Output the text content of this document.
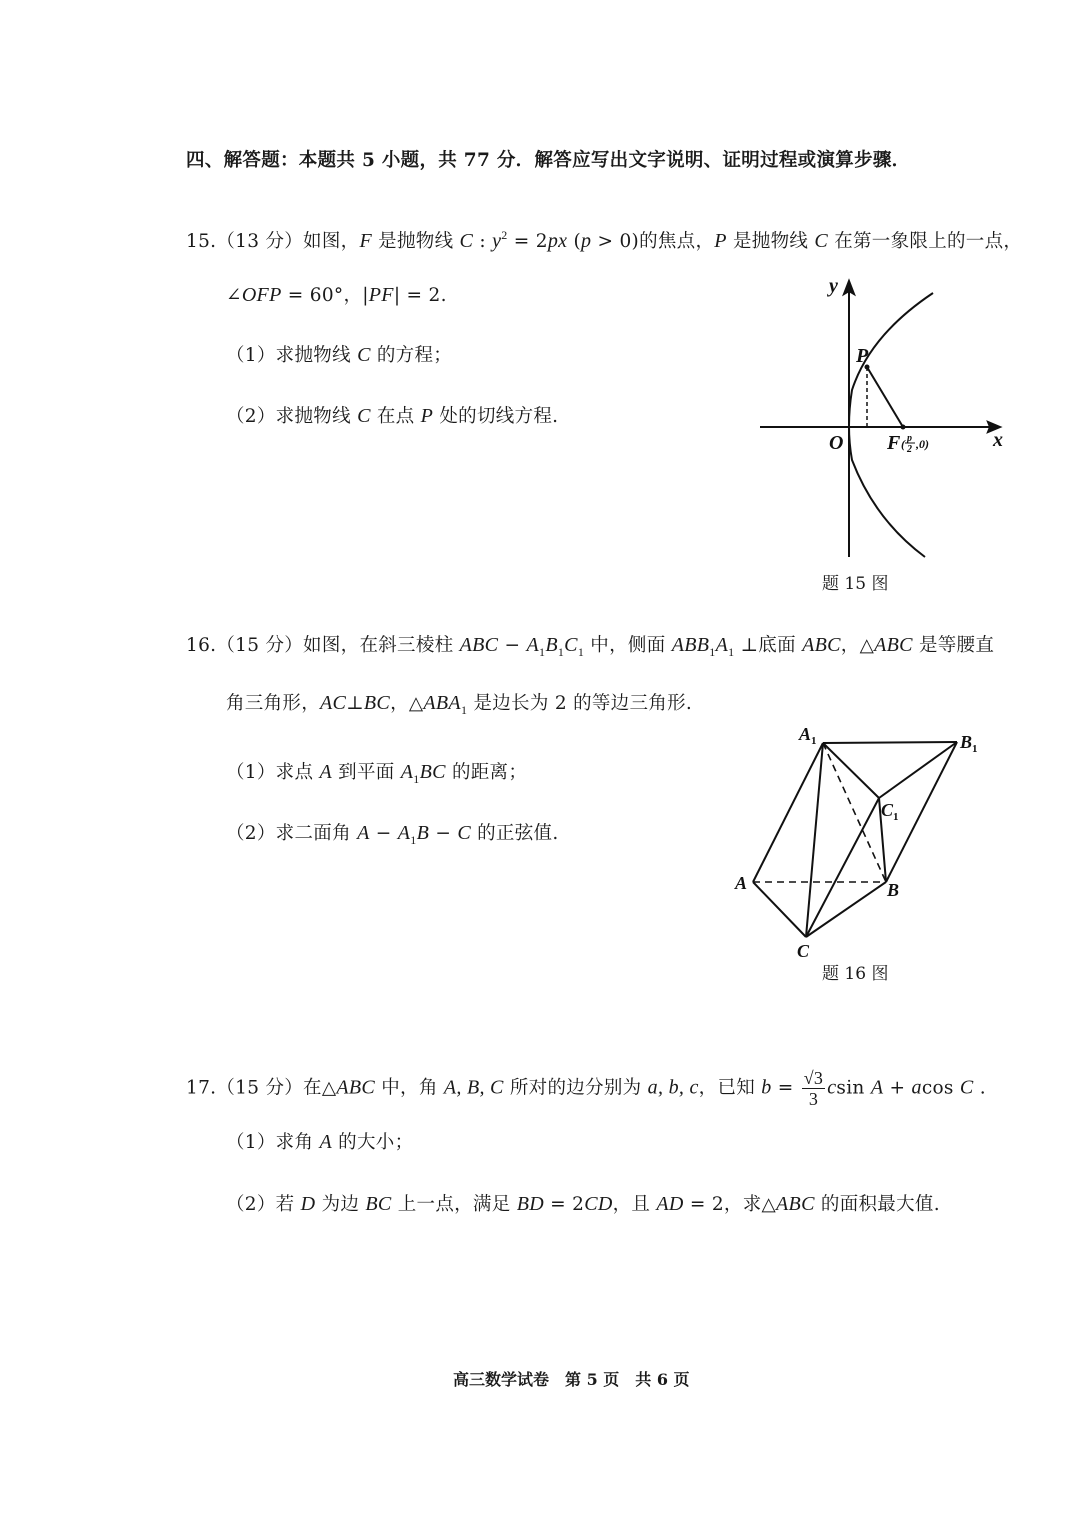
四、解答题：本题共 5 小题，共 77 分．解答应写出文字说明、证明过程或演算步骤．
15.（13 分）如图，F 是抛物线 C : $y^2 = 2px$ (p > 0)的焦点，P 是抛物线 C 在第一象限上的一点，
∠OFP = 60°，|PF| = 2.
（1）求抛物线 C 的方程；
（2）求抛物线 C 在点 P 处的切线方程.
16.（15 分）如图，在斜三棱柱 ABC − $A_1B_1C_1$ 中，侧面 $ABB_1A_1$ ⊥底面 ABC，△ABC 是等腰直
角三角形，AC⊥BC，$\triangle ABA_1$ 是边长为 2 的等边三角形.
（1）求点 A 到平面 $A_1BC$ 的距离；
（2）求二面角 $A - A_1B - C$ 的正弦值.
17.（15 分）在△ABC 中，角 A, B, C 所对的边分别为 a, b, c，已知 $b = \frac{√3}{3}$ csin A + acos C .
（1）求角 A 的大小；
（2）若 D 为边 BC 上一点，满足 BD = 2CD，且 AD = 2，求△ABC 的面积最大值.
y
x
O
P
F ( p
2 ,0)
$A_1$	$B_1$
$C_1$
A	B
C
题 15 图
题 16 图
高三数学试卷　第 5 页　共 6 页
